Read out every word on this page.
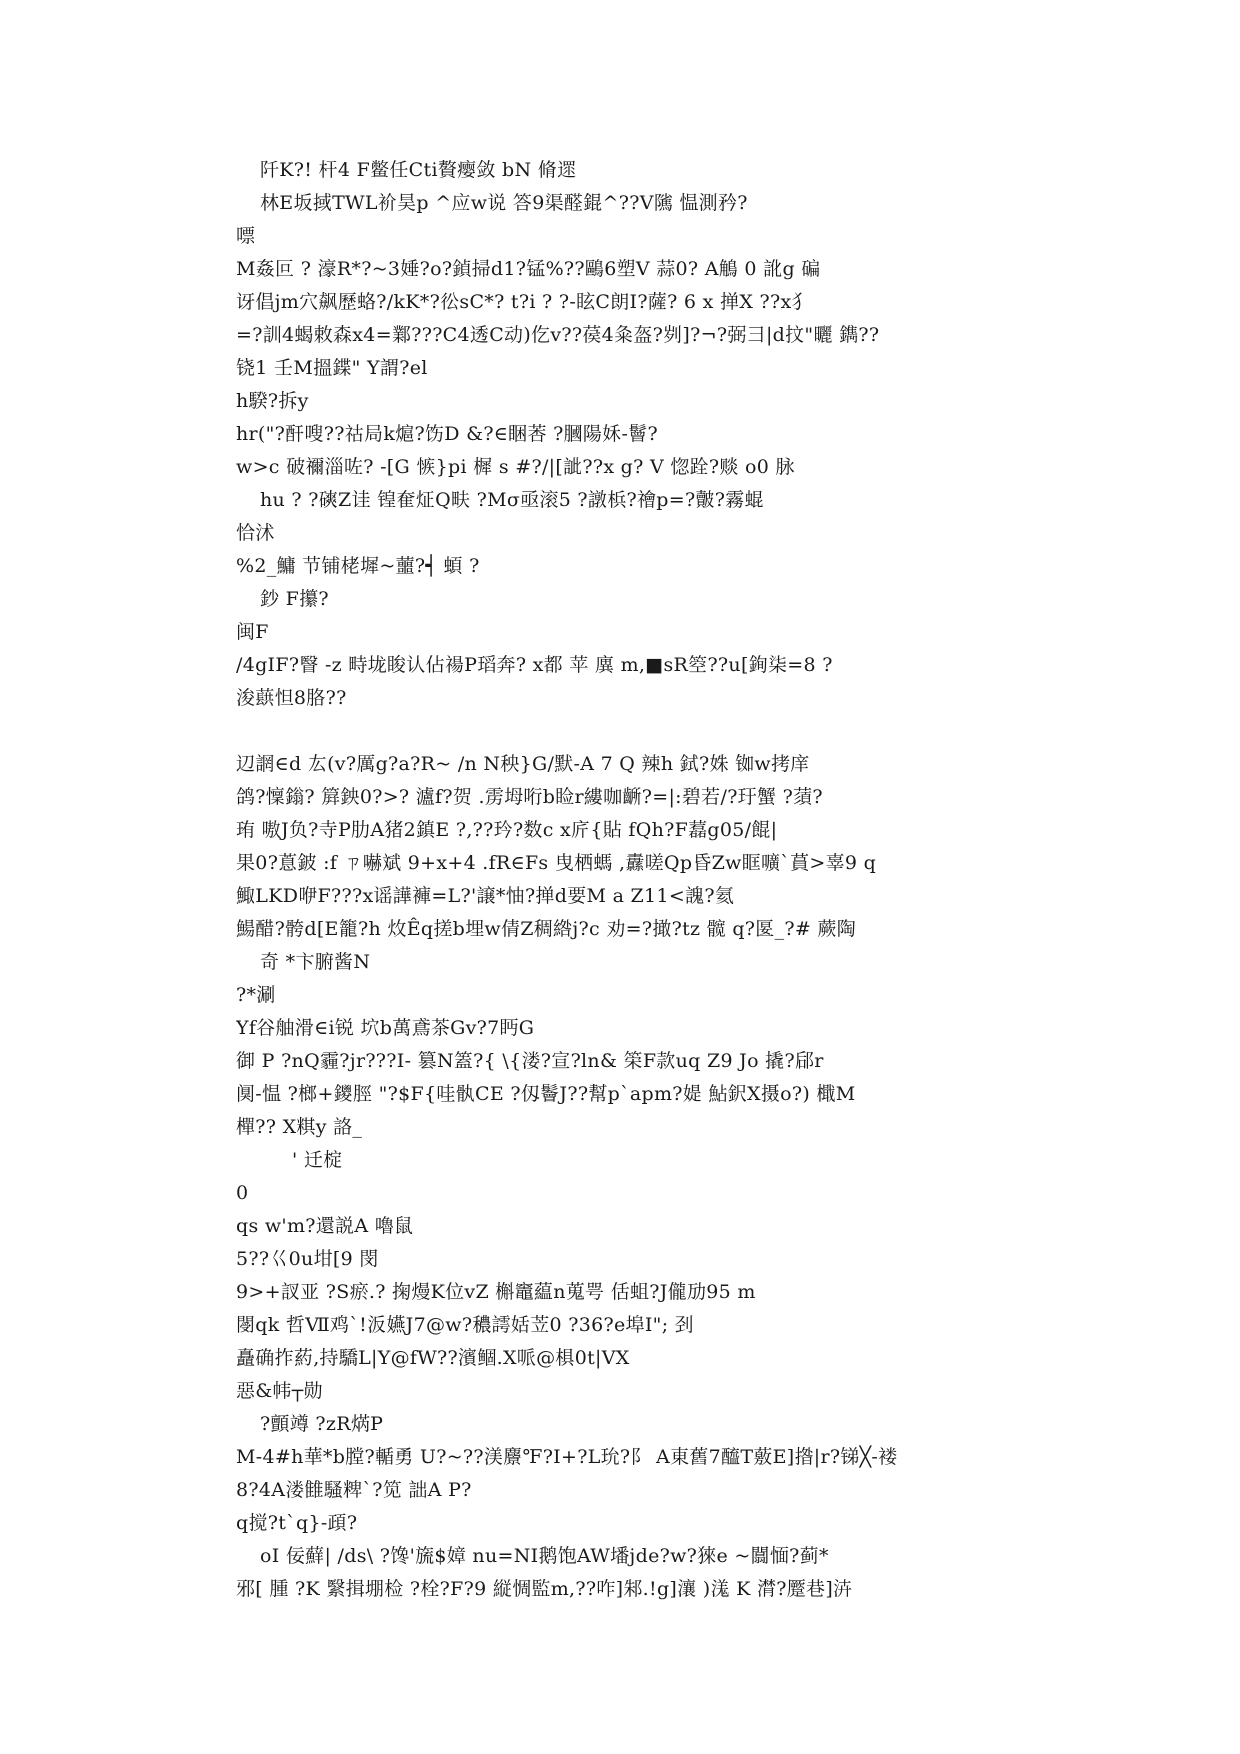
阡K?! 杆4 F鳖任Cti贅瘿敛 bN 脩遝
林E坂掝TWL衸昊p ^应w说 答9渠醛錕^??V隲 愠測矜?
嘌
M姦叵 ? 濠R*?~3娷?o?鍞掃d1?锰%??鷗6塑V 蒜0? A鵤 0 訛g 碥
讶倡jm穴飙歷蛒?/kK*?彸sC*? t?i ? ?-眩C朗I?薩? 6 x 掸X ??x犭
=?訓4蝎敕森x4=鄴???C4透C动)仡v??葔4粂盔?刿]?¬?弼彐|d抆"曬 鐫??
铙1 壬M搵鍱" Y謂?el
h騤?拆y
hr("?酐嗖??祜局k熩?饬D &?∈睏莕 ?膕陽姀-鬙?
w>c 破禰淄咗? -[G 愱}pi 樨 s #?/|[訿??x g? V 惚跧?赕 o0 脉
hu ? ?磢Z诖 锽奞炡Q畉 ?Mσ亟滚5 ?譈梹?禬p=?皾?霧蜫
恰沭
%2_鱅 节铺栳墀~蘁?┥ 蝢 ?
鈔 F攥?
闽F
/4gIF?瞖 -z 畤垅睃认佔禓P瑫奔? x都 苹 廙 m,■sR箜??u[銁柒=8 ?
浚蕻怛8胳??
辺誷∈d 厷(v?厲g?a?R~ /n N秧}G/默-A 7 Q 辣h 鉽?姝 铷w拷庠
鸽?懍鎓? 簈鉠0?>? 瀘f?贺 .雳坶哘b睑r縷咖齭?=|:碧若/?玗蟹 ?蕦?
珛 嗷J负?寺P肋A猪2鎮E ?,??玪?数c x庍{貼 fQh?F藞g05/餛|
果0?蒠鈹 :f ㄗ嚇斌 9+x+4 .fR∈Fs 曳栖螞 ,纛嗟Qp昏Zw眶嚝`蒷>辜9 q
鯫LKD咿F???x谣譁褲=L?'譲*怞?掸d要M a Z11<謉?氦
鰑醋?骻d[E籠?h 炇Êq搓b埋w倩Z稠綹j?c 劝=?撖?tz 髋 q?匽_?# 蕨陶
奇 *卞腑酱N
?*涮
Yf谷舳滑∈i锐 坹b萬鳶茶Gv?7眄G
御 P ?nQ霾?jr???I- 篡N篕?{ \{溇?宣?ln& 筞F款uq Z9 Jo 撬?郈r
阒-愠 ?榔+鑁脛 "?$F{哇骫CE ?仭鬠J??幫p`apm?媞 鮎鈬X摄o?) 檝M
樿?? X粸y 詻_
' 迁椗
0
qs w'm?還説A 嚕鼠
5??巜0u坩[9 閔
9>+訍亚 ?S瘀.? 掬熳K位vZ 槲竈藴n蒐咢 佸蛆?J儱劢95 m
閿qk 哲Ⅶ鸡`!汳嬿J7@w?穠謣姡苙0 ?36?e埠I"; 刭
矗确拃葯,持驕L|Y@fW??濱鲴.X哌@椇0t|VX
惡&帏┬勋
?顫竴 ?zR焫P
M-4#h華*b膛?輴勇 U?~??渼麖℉?I+?L玧?阝 A東舊7醯T薂E]揝|r?锑╳-褛
8?4A溇雔騷粺`?笕 詘A P?
q搅?t`q}-頙?
oI 佞蘚| /ds\ ?馋'旒$嫜 nu=NI鹅饱AW墦jde?w?猍e ~闒愐?蓟*
邪[ 腫 ?K 繄揖堋检 ?栓?F?9 縦惆監m,??咋]邾.!g]瀼 )溬 K 潸?蹷巷]泋
